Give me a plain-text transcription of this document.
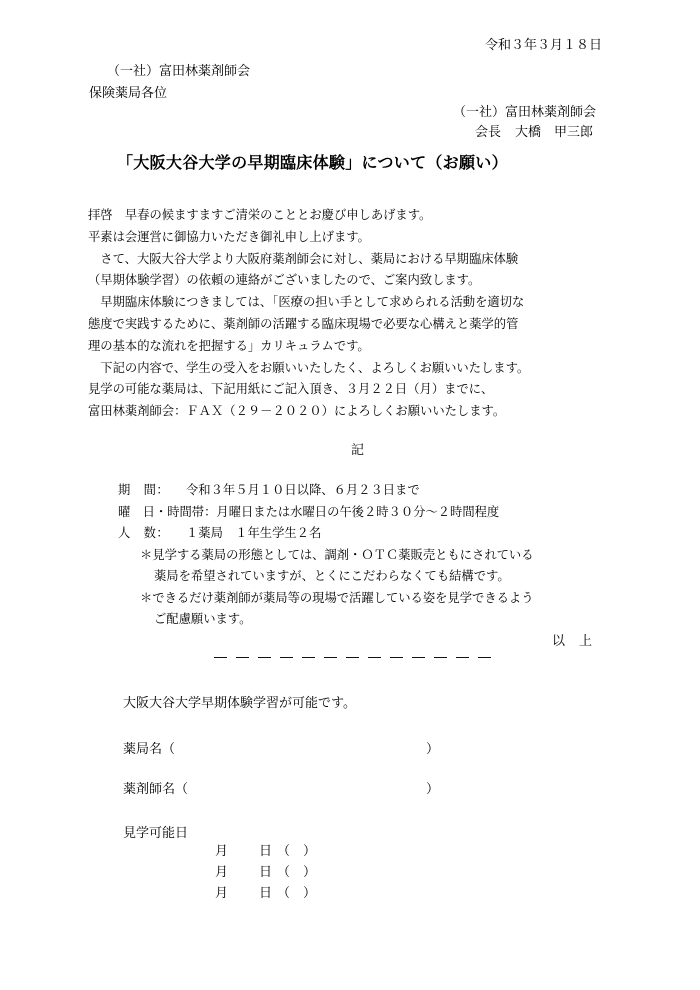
令和３年３月１８日
（一社）富田林薬剤師会
保険薬局各位
（一社）富田林薬剤師会
会長 大橋　甲三郎
「大阪大谷大学の早期臨床体験」について（お願い）

拝啓　早春の候ますますご清栄のこととお慶び申しあげます。

平素は会運営に御協力いただき御礼申し上げます。

　さて、大阪大谷大学より大阪府薬剤師会に対し、薬局における早期臨床体験

（早期体験学習）の依頼の連絡がございましたので、ご案内致します。

　早期臨床体験につきましては、「医療の担い手として求められる活動を適切な

態度で実践するために、薬剤師の活躍する臨床現場で必要な心構えと薬学的管

理の基本的な流れを把握する」カリキュラムです。

　下記の内容で、学生の受入をお願いいたしたく、よろしくお願いいたします。

見学の可能な薬局は、下記用紙にご記入頂き、３月２２日（月）までに、

富田林薬剤師会：ＦＡＸ（２９－２０２０）によろしくお願いいたします。

記
期　間： 令和３年５月１０日以降、６月２３日まで
曜　日・時間帯：月曜日または水曜日の午後２時３０分～２時間程度
人　数： １薬局　１年生学生２名
＊見学する薬局の形態としては、調剤・ＯＴＣ薬販売ともにされている
薬局を希望されていますが、とくにこだわらなくても結構です。
＊できるだけ薬剤師が薬局等の現場で活躍している姿を見学できるよう
ご配慮願います。
以 上
―――――――――――――
大阪大谷大学早期体験学習が可能です。
薬局名（	）
薬剤師名（	）
見学可能日
月 日 （ ）
月 日 （ ）
月 日 （ ）
